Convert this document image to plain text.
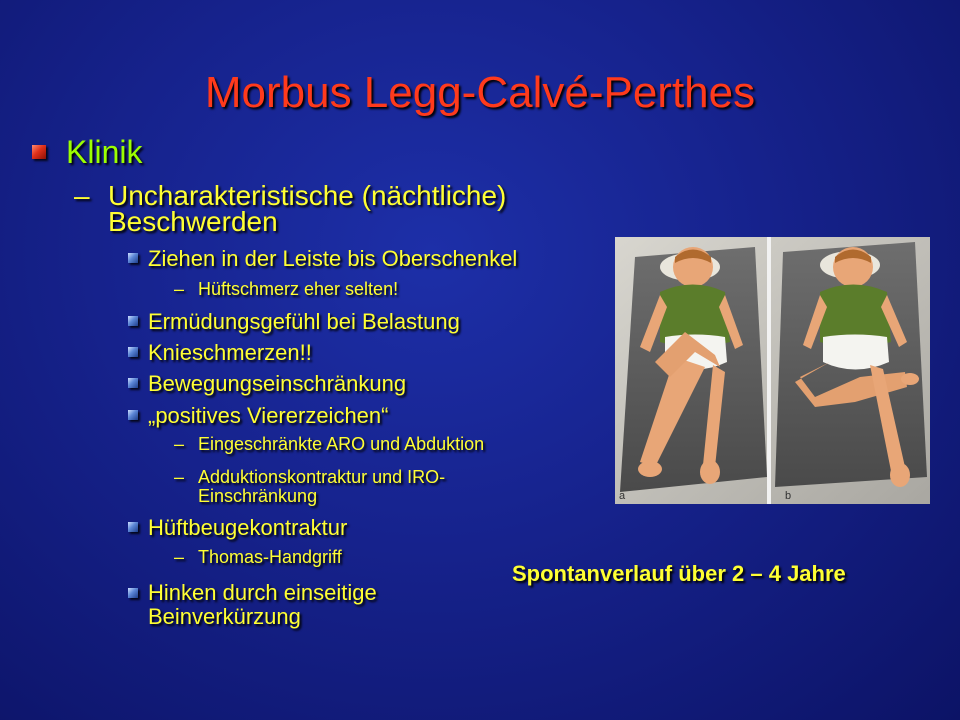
Morbus Legg-Calvé-Perthes
Klinik
– Uncharakteristische (nächtliche)
Beschwerden
Ziehen in der Leiste bis Oberschenkel
– Hüftschmerz eher selten!
Ermüdungsgefühl bei Belastung
Knieschmerzen!!
Bewegungseinschränkung
„positives Viererzeichen“
– Eingeschränkte ARO und Abduktion
– Adduktionskontraktur und IRO-
Einschränkung
Hüftbeugekontraktur
– Thomas-Handgriff
Hinken durch einseitige
Beinverkürzung
a	b
Spontanverlauf über 2 – 4 Jahre
